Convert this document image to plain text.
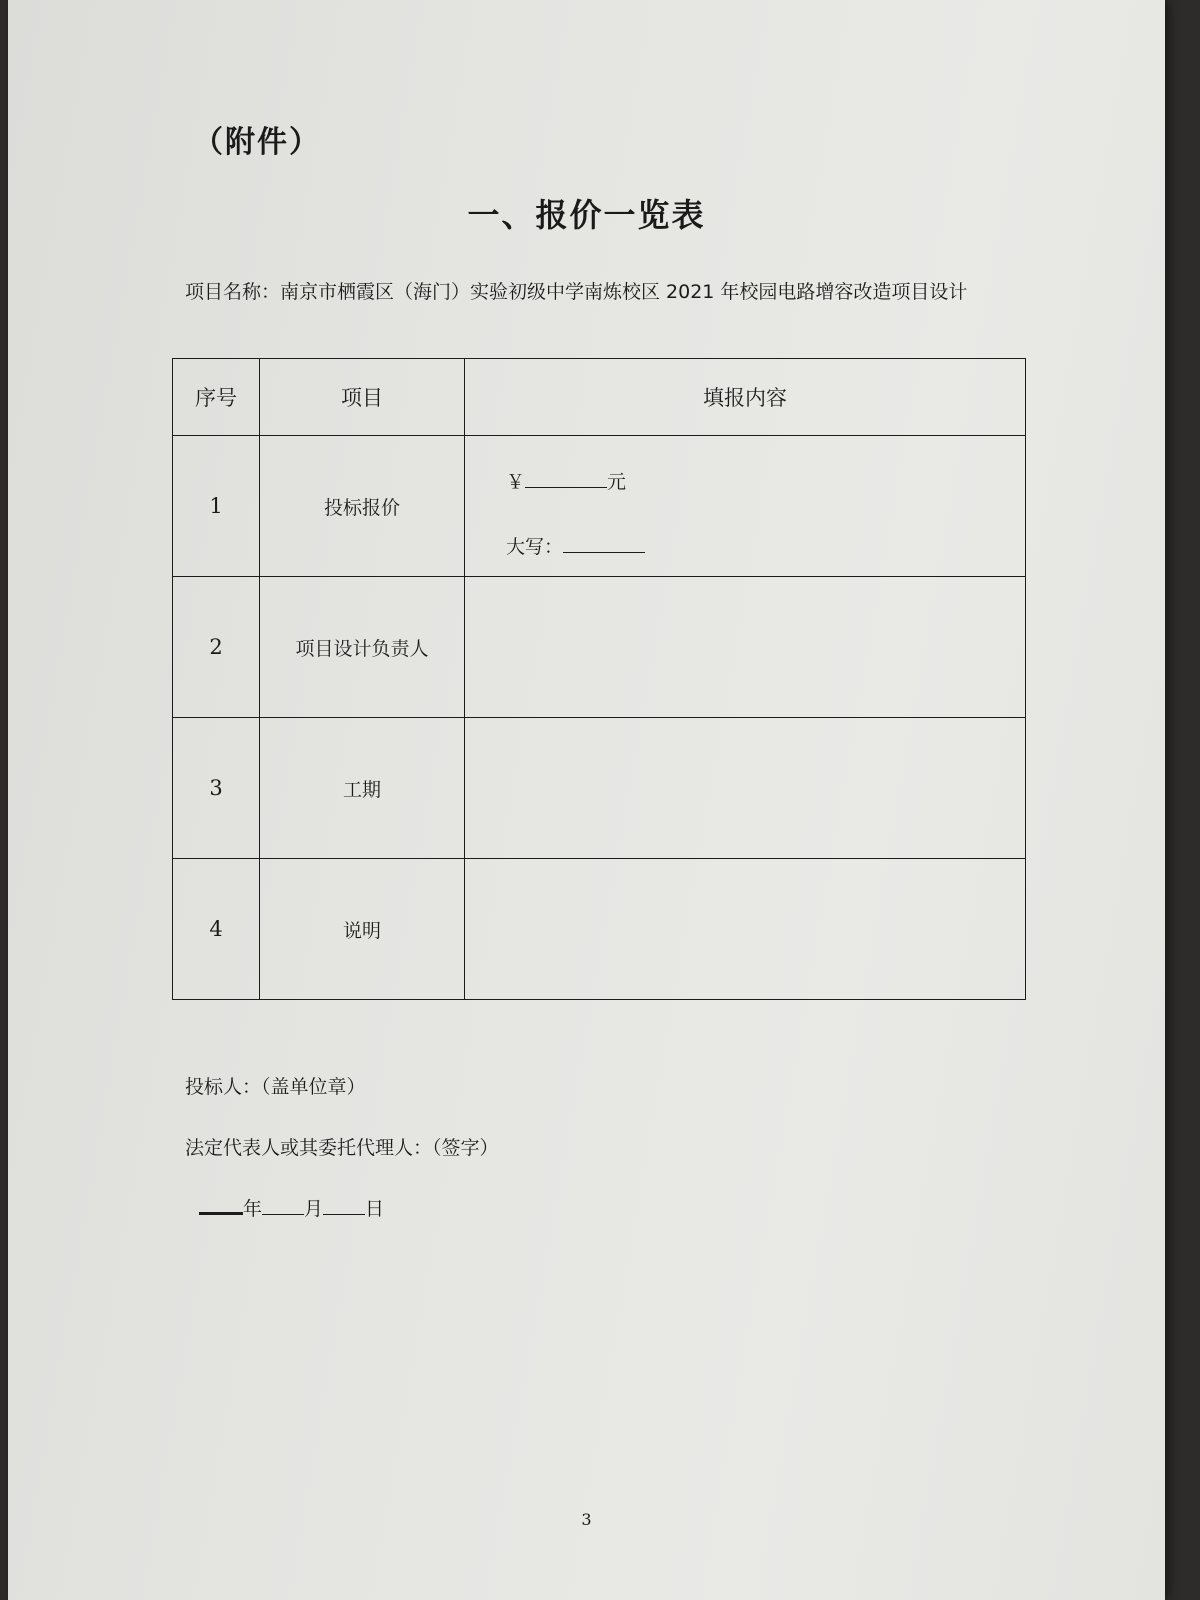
（附件）
一、报价一览表
项目名称：南京市栖霞区（海门）实验初级中学南炼校区 2021 年校园电路增容改造项目设计
序号	项目	填报内容
1	投标报价	￥ 元
大写：

2	项目设计负责人	
3	工期	
4	说明	
投标人：（盖单位章）
法定代表人或其委托代理人：（签字）
年 月 日
3
